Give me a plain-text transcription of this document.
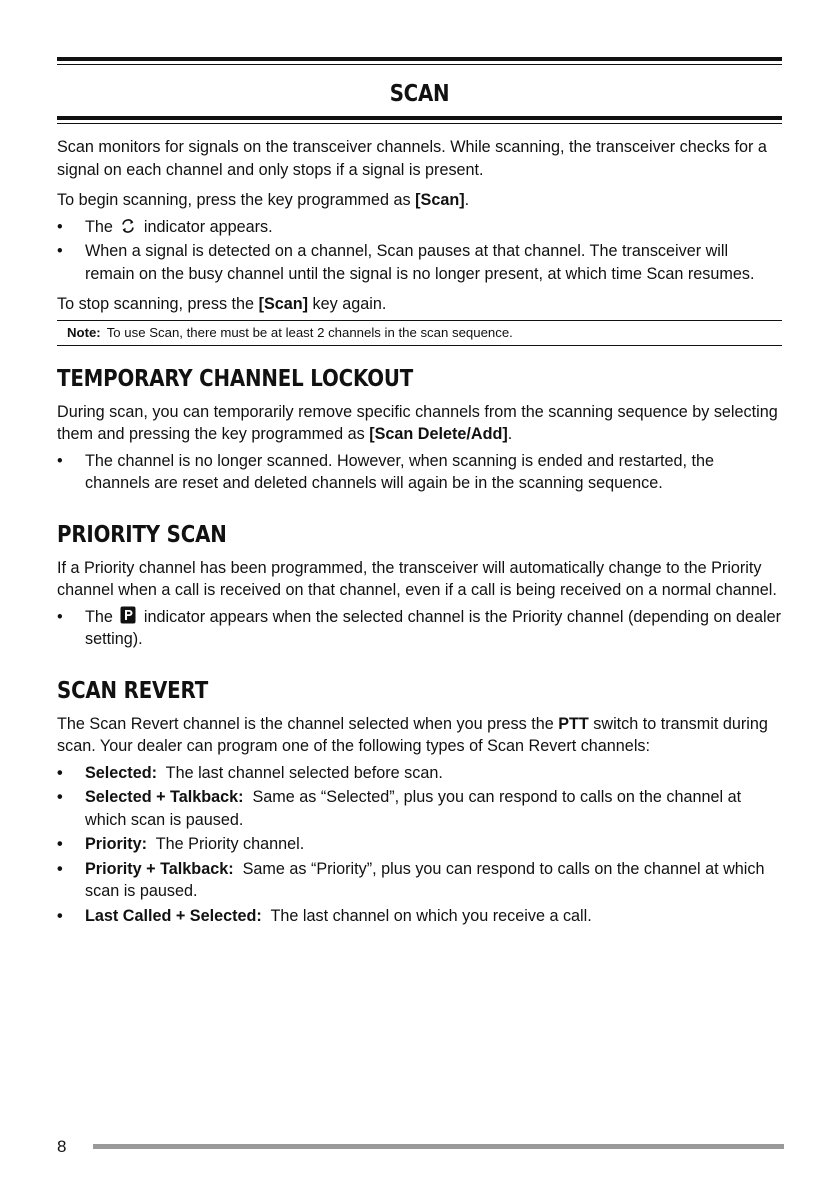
SCAN

Scan monitors for signals on the transceiver channels. While scanning, the transceiver checks for a signal on each channel and only stops if a signal is present.

To begin scanning, press the key programmed as [Scan].

•	The  indicator appears.
•	When a signal is detected on a channel, Scan pauses at that channel. The transceiver will remain on the busy channel until the signal is no longer present, at which time Scan resumes.

To stop scanning, press the [Scan] key again.

Note: To use Scan, there must be at least 2 channels in the scan sequence.
TEMPORARY CHANNEL LOCKOUT

During scan, you can temporarily remove specific channels from the scanning sequence by selecting them and pressing the key programmed as [Scan Delete/Add].

•	The channel is no longer scanned. However, when scanning is ended and restarted, the channels are reset and deleted channels will again be in the scanning sequence.
PRIORITY SCAN

If a Priority channel has been programmed, the transceiver will automatically change to the Priority channel when a call is received on that channel, even if a call is being received on a normal channel.

•	The  indicator appears when the selected channel is the Priority channel (depending on dealer setting).
SCAN REVERT

The Scan Revert channel is the channel selected when you press the PTT switch to transmit during scan. Your dealer can program one of the following types of Scan Revert channels:

•	Selected:  The last channel selected before scan.
•	Selected + Talkback:  Same as “Selected”, plus you can respond to calls on the channel at which scan is paused.
•	Priority:  The Priority channel.
•	Priority + Talkback:  Same as “Priority”, plus you can respond to calls on the channel at which scan is paused.
•	Last Called + Selected:  The last channel on which you receive a call.
8
